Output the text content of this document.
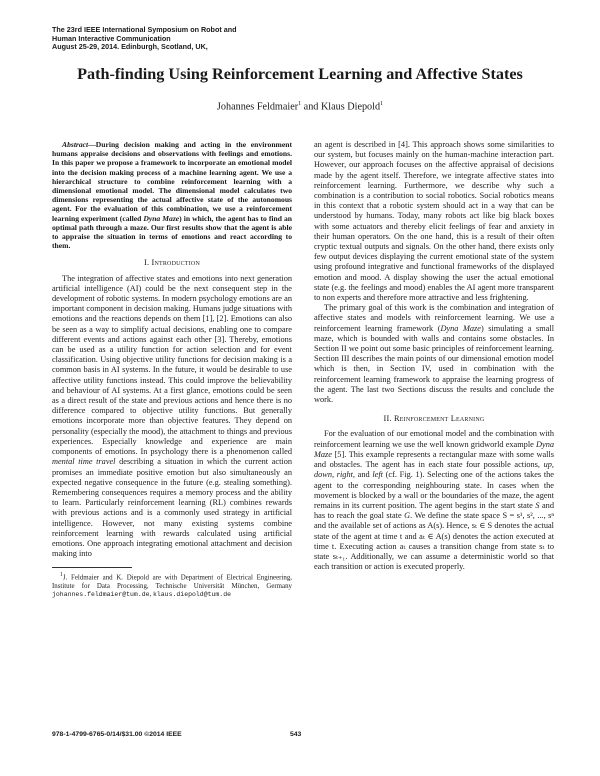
The 23rd IEEE International Symposium on Robot and
Human Interactive Communication
August 25-29, 2014. Edinburgh, Scotland, UK,
Path-finding Using Reinforcement Learning and Affective States
Johannes Feldmaier$^1$ and Klaus Diepold$^1$

Abstract—During decision making and acting in the environment humans appraise decisions and observations with feelings and emotions. In this paper we propose a framework to incorporate an emotional model into the decision making process of a machine learning agent. We use a hierarchical structure to combine reinforcement learning with a dimensional emotional model. The dimensional model calculates two dimensions representing the actual affective state of the autonomous agent. For the evaluation of this combination, we use a reinforcement learning experiment (called Dyna Maze) in which, the agent has to find an optimal path through a maze. Our first results show that the agent is able to appraise the situation in terms of emotions and react according to them.

I. Introduction

The integration of affective states and emotions into next generation artificial intelligence (AI) could be the next consequent step in the development of robotic systems. In modern psychology emotions are an important component in decision making. Humans judge situations with emotions and the reactions depends on them [1], [2]. Emotions can also be seen as a way to simplify actual decisions, enabling one to compare different events and actions against each other [3]. Thereby, emotions can be used as a utility function for action selection and for event classification. Using objective utility functions for decision making is a common basis in AI systems. In the future, it would be desirable to use affective utility functions instead. This could improve the believability and behaviour of AI systems. At a first glance, emotions could be seen as a direct result of the state and previous actions and hence there is no difference compared to objective utility functions. But generally emotions incorporate more than objective features. They depend on personality (especially the mood), the attachment to things and previous experiences. Especially knowledge and experience are main components of emotions. In psychology there is a phenomenon called mental time travel describing a situation in which the current action promises an immediate positive emotion but also simultaneously an expected negative consequence in the future (e.g. stealing something). Remembering consequences requires a memory process and the ability to learn. Particularly reinforcement learning (RL) combines rewards with previous actions and is a commonly used strategy in artificial intelligence. However, not many existing systems combine reinforcement learning with rewards calculated using artificial emotions. One approach integrating emotional attachment and decision making into

$^1$J. Feldmaier and K. Diepold are with Department of Electrical Engineering, Institute for Data Processing, Technische Universität München, Germany johannes.feldmaier@tum.de, klaus.diepold@tum.de

an agent is described in [4]. This approach shows some similarities to our system, but focuses mainly on the human-machine interaction part. However, our approach focuses on the affective appraisal of decisions made by the agent itself. Therefore, we integrate affective states into reinforcement learning. Furthermore, we describe why such a combination is a contribution to social robotics. Social robotics means in this context that a robotic system should act in a way that can be understood by humans. Today, many robots act like big black boxes with some actuators and thereby elicit feelings of fear and anxiety in their human operators. On the one hand, this is a result of their often cryptic textual outputs and signals. On the other hand, there exists only few output devices displaying the current emotional state of the system using profound integrative and functional frameworks of the displayed emotion and mood. A display showing the user the actual emotional state (e.g. the feelings and mood) enables the AI agent more transparent to non experts and therefore more attractive and less frightening.

The primary goal of this work is the combination and integration of affective states and models with reinforcement learning. We use a reinforcement learning framework (Dyna Maze) simulating a small maze, which is bounded with walls and contains some obstacles. In Section II we point out some basic principles of reinforcement learning. Section III describes the main points of our dimensional emotion model which is then, in Section IV, used in combination with the reinforcement learning framework to appraise the learning progress of the agent. The last two Sections discuss the results and conclude the work.

II. Reinforcement Learning

For the evaluation of our emotional model and the combination with reinforcement learning we use the well known gridworld example Dyna Maze [5]. This example represents a rectangular maze with some walls and obstacles. The agent has in each state four possible actions, up, down, right, and left (cf. Fig. 1). Selecting one of the actions takes the agent to the corresponding neighbouring state. In cases when the movement is blocked by a wall or the boundaries of the maze, the agent remains in its current position. The agent begins in the start state S and has to reach the goal state G. We define the state space S = s¹, s², ..., sⁿ and the available set of actions as A(s). Hence, sₜ ∈ S denotes the actual state of the agent at time t and aₜ ∈ A(s) denotes the action executed at time t. Executing action aₜ causes a transition change from state sₜ to state sₜ₊₁. Additionally, we can assume a deterministic world so that each transition or action is executed properly.

978-1-4799-6765-0/14/$31.00 ©2014 IEEE	543
